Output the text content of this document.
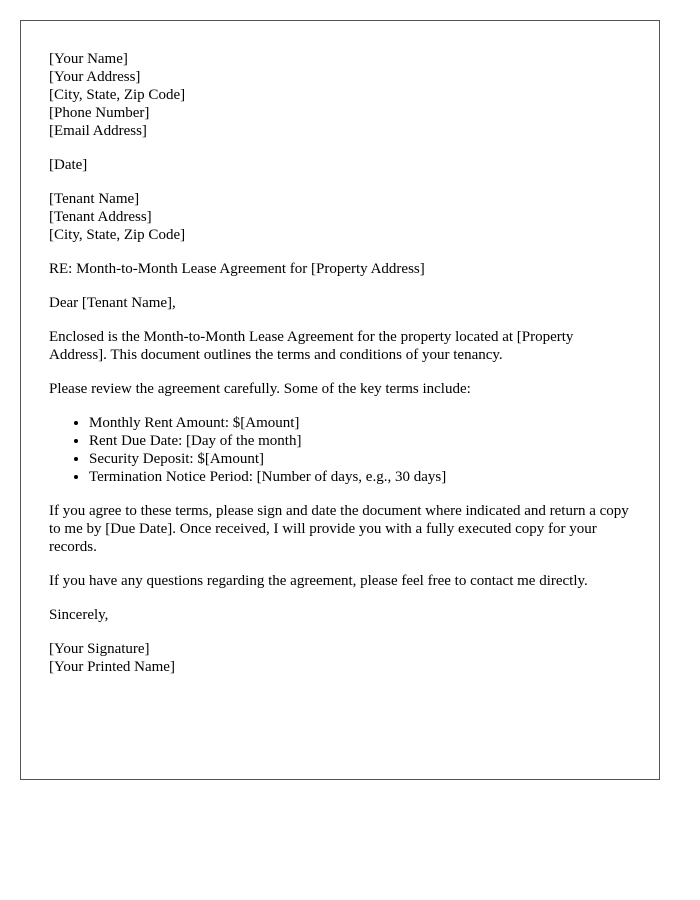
[Your Name]
[Your Address]
[City, State, Zip Code]
[Phone Number]
[Email Address]

[Date]

[Tenant Name]
[Tenant Address]
[City, State, Zip Code]

RE: Month-to-Month Lease Agreement for [Property Address]

Dear [Tenant Name],

Enclosed is the Month-to-Month Lease Agreement for the property located at [Property Address]. This document outlines the terms and conditions of your tenancy.

Please review the agreement carefully. Some of the key terms include:

• Monthly Rent Amount: $[Amount]
• Rent Due Date: [Day of the month]
• Security Deposit: $[Amount]
• Termination Notice Period: [Number of days, e.g., 30 days]

If you agree to these terms, please sign and date the document where indicated and return a copy to me by [Due Date]. Once received, I will provide you with a fully executed copy for your records.

If you have any questions regarding the agreement, please feel free to contact me directly.

Sincerely,

[Your Signature]
[Your Printed Name]
